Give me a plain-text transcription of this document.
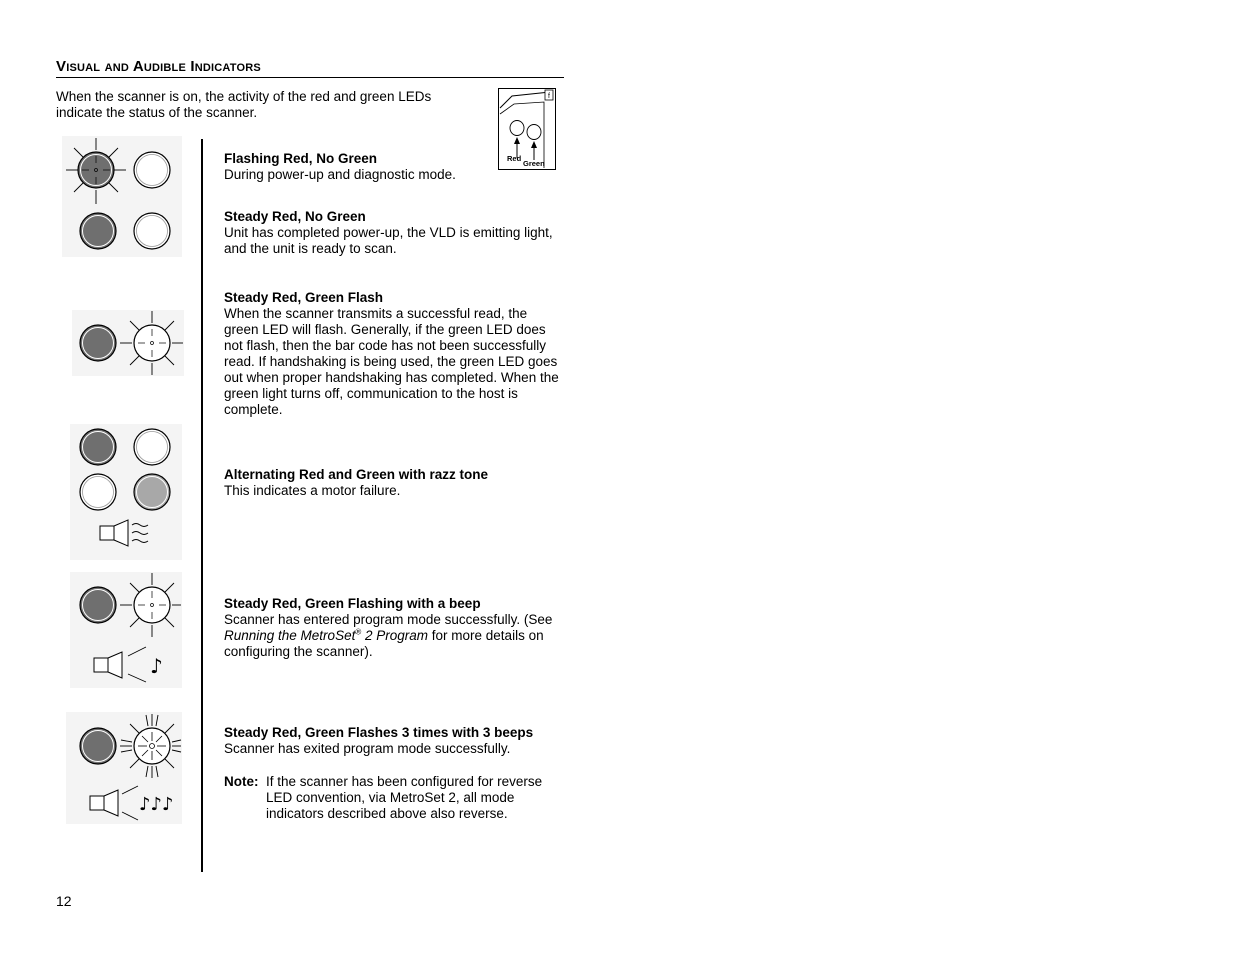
Visual and Audible Indicators
When the scanner is on, the activity of the red and green LEDs indicate the status of the scanner.
f
Red
Green
♪
♪♪♪
Flashing Red, No Green
During power-up and diagnostic mode.
Steady Red, No Green
Unit has completed power-up, the VLD is emitting light, and the unit is ready to scan.
Steady Red, Green Flash
When the scanner transmits a successful read, the green LED will flash. Generally, if the green LED does not flash, then the bar code has not been successfully read. If handshaking is being used, the green LED goes out when proper handshaking has completed. When the green light turns off, communication to the host is complete.
Alternating Red and Green with razz tone
This indicates a motor failure.
Steady Red, Green Flashing with a beep
Scanner has entered program mode successfully. (See Running the MetroSet® 2 Program for more details on configuring the scanner).
Steady Red, Green Flashes 3 times with 3 beeps
Scanner has exited program mode successfully.
Note: If the scanner has been configured for reverse
LED convention, via MetroSet 2, all mode
indicators described above also reverse.
12
